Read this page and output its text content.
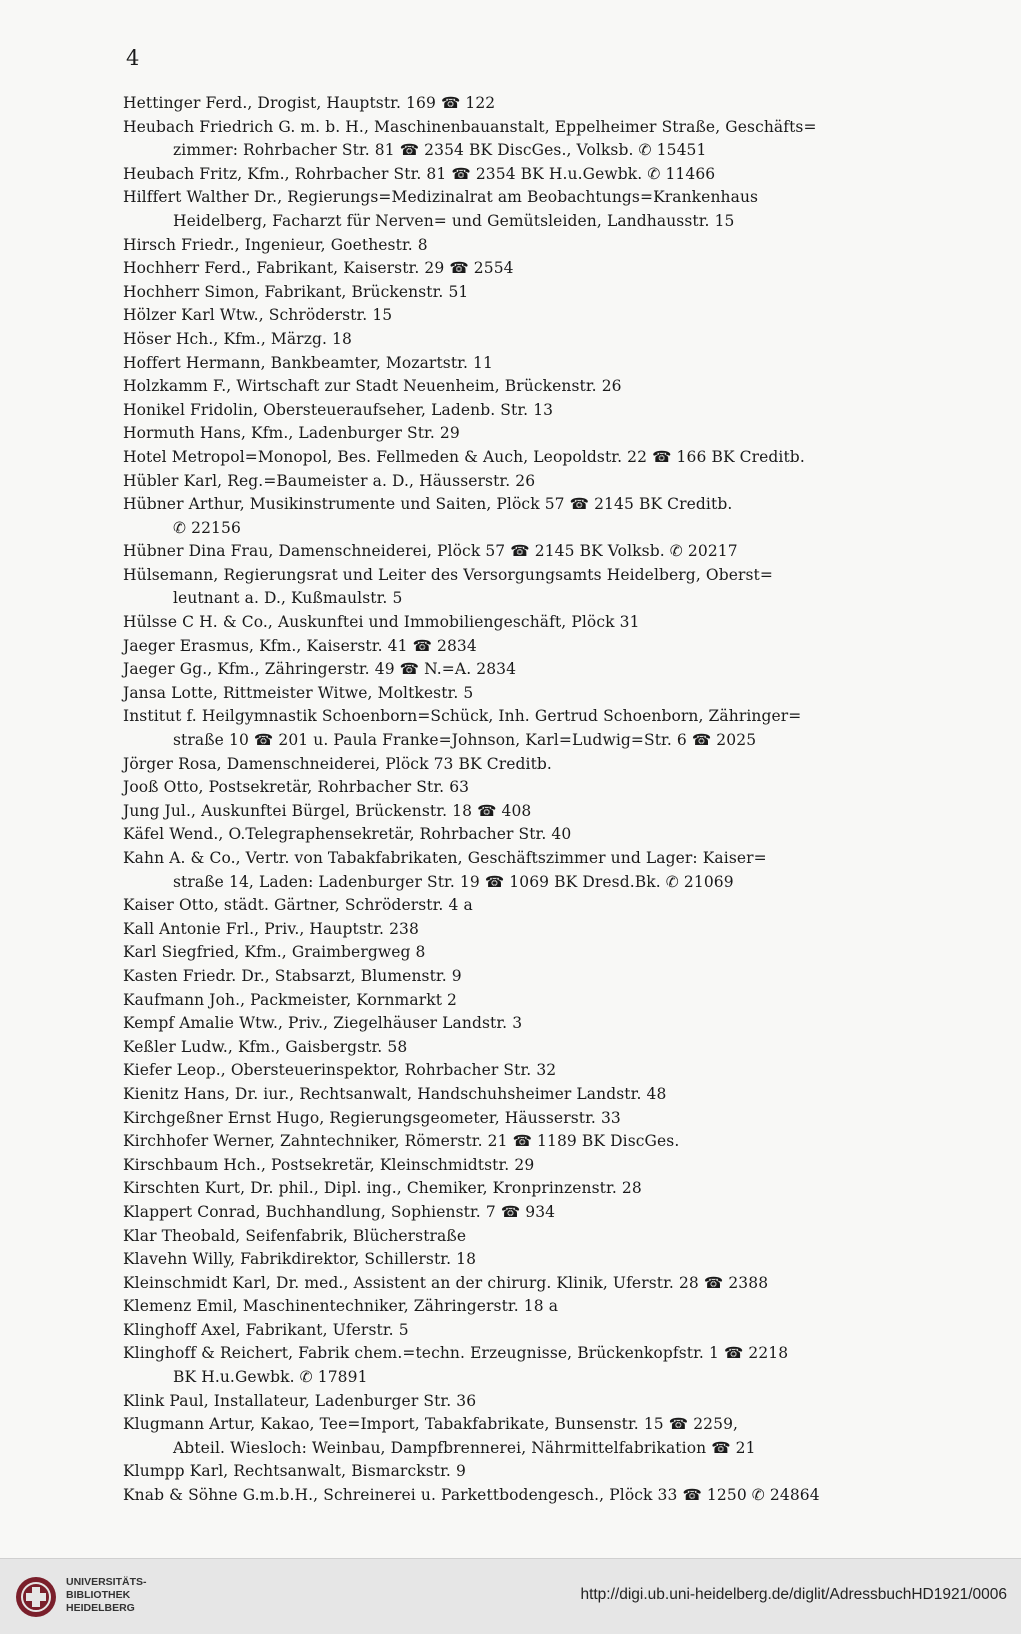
4
Hettinger Ferd., Drogist, Hauptstr. 169 ☎ 122
Heubach Friedrich G. m. b. H., Maschinenbauanstalt, Eppelheimer Straße, Geschäfts=
zimmer: Rohrbacher Str. 81 ☎ 2354 BK DiscGes., Volksb. ✆ 15451
Heubach Fritz, Kfm., Rohrbacher Str. 81 ☎ 2354 BK H.u.Gewbk. ✆ 11466
Hilffert Walther Dr., Regierungs=Medizinalrat am Beobachtungs=Krankenhaus
Heidelberg, Facharzt für Nerven= und Gemütsleiden, Landhausstr. 15
Hirsch Friedr., Ingenieur, Goethestr. 8
Hochherr Ferd., Fabrikant, Kaiserstr. 29 ☎ 2554
Hochherr Simon, Fabrikant, Brückenstr. 51
Hölzer Karl Wtw., Schröderstr. 15
Höser Hch., Kfm., Märzg. 18
Hoffert Hermann, Bankbeamter, Mozartstr. 11
Holzkamm F., Wirtschaft zur Stadt Neuenheim, Brückenstr. 26
Honikel Fridolin, Obersteueraufseher, Ladenb. Str. 13
Hormuth Hans, Kfm., Ladenburger Str. 29
Hotel Metropol=Monopol, Bes. Fellmeden & Auch, Leopoldstr. 22 ☎ 166 BK Creditb.
Hübler Karl, Reg.=Baumeister a. D., Häusserstr. 26
Hübner Arthur, Musikinstrumente und Saiten, Plöck 57 ☎ 2145 BK Creditb.
✆ 22156
Hübner Dina Frau, Damenschneiderei, Plöck 57 ☎ 2145 BK Volksb. ✆ 20217
Hülsemann, Regierungsrat und Leiter des Versorgungsamts Heidelberg, Oberst=
leutnant a. D., Kußmaulstr. 5
Hülsse C H. & Co., Auskunftei und Immobiliengeschäft, Plöck 31
Jaeger Erasmus, Kfm., Kaiserstr. 41 ☎ 2834
Jaeger Gg., Kfm., Zähringerstr. 49 ☎ N.=A. 2834
Jansa Lotte, Rittmeister Witwe, Moltkestr. 5
Institut f. Heilgymnastik Schoenborn=Schück, Inh. Gertrud Schoenborn, Zähringer=
straße 10 ☎ 201 u. Paula Franke=Johnson, Karl=Ludwig=Str. 6 ☎ 2025
Jörger Rosa, Damenschneiderei, Plöck 73 BK Creditb.
Jooß Otto, Postsekretär, Rohrbacher Str. 63
Jung Jul., Auskunftei Bürgel, Brückenstr. 18 ☎ 408
Käfel Wend., O.Telegraphensekretär, Rohrbacher Str. 40
Kahn A. & Co., Vertr. von Tabakfabrikaten, Geschäftszimmer und Lager: Kaiser=
straße 14, Laden: Ladenburger Str. 19 ☎ 1069 BK Dresd.Bk. ✆ 21069
Kaiser Otto, städt. Gärtner, Schröderstr. 4 a
Kall Antonie Frl., Priv., Hauptstr. 238
Karl Siegfried, Kfm., Graimbergweg 8
Kasten Friedr. Dr., Stabsarzt, Blumenstr. 9
Kaufmann Joh., Packmeister, Kornmarkt 2
Kempf Amalie Wtw., Priv., Ziegelhäuser Landstr. 3
Keßler Ludw., Kfm., Gaisbergstr. 58
Kiefer Leop., Obersteuerinspektor, Rohrbacher Str. 32
Kienitz Hans, Dr. iur., Rechtsanwalt, Handschuhsheimer Landstr. 48
Kirchgeßner Ernst Hugo, Regierungsgeometer, Häusserstr. 33
Kirchhofer Werner, Zahntechniker, Römerstr. 21 ☎ 1189 BK DiscGes.
Kirschbaum Hch., Postsekretär, Kleinschmidtstr. 29
Kirschten Kurt, Dr. phil., Dipl. ing., Chemiker, Kronprinzenstr. 28
Klappert Conrad, Buchhandlung, Sophienstr. 7 ☎ 934
Klar Theobald, Seifenfabrik, Blücherstraße
Klavehn Willy, Fabrikdirektor, Schillerstr. 18
Kleinschmidt Karl, Dr. med., Assistent an der chirurg. Klinik, Uferstr. 28 ☎ 2388
Klemenz Emil, Maschinentechniker, Zähringerstr. 18 a
Klinghoff Axel, Fabrikant, Uferstr. 5
Klinghoff & Reichert, Fabrik chem.=techn. Erzeugnisse, Brückenkopfstr. 1 ☎ 2218
BK H.u.Gewbk. ✆ 17891
Klink Paul, Installateur, Ladenburger Str. 36
Klugmann Artur, Kakao, Tee=Import, Tabakfabrikate, Bunsenstr. 15 ☎ 2259,
Abteil. Wiesloch: Weinbau, Dampfbrennerei, Nährmittelfabrikation ☎ 21
Klumpp Karl, Rechtsanwalt, Bismarckstr. 9
Knab & Söhne G.m.b.H., Schreinerei u. Parkettbodengesch., Plöck 33 ☎ 1250 ✆ 24864
UNIVERSITÄTS-
BIBLIOTHEK
HEIDELBERG
http://digi.ub.uni-heidelberg.de/diglit/AdressbuchHD1921/0006
